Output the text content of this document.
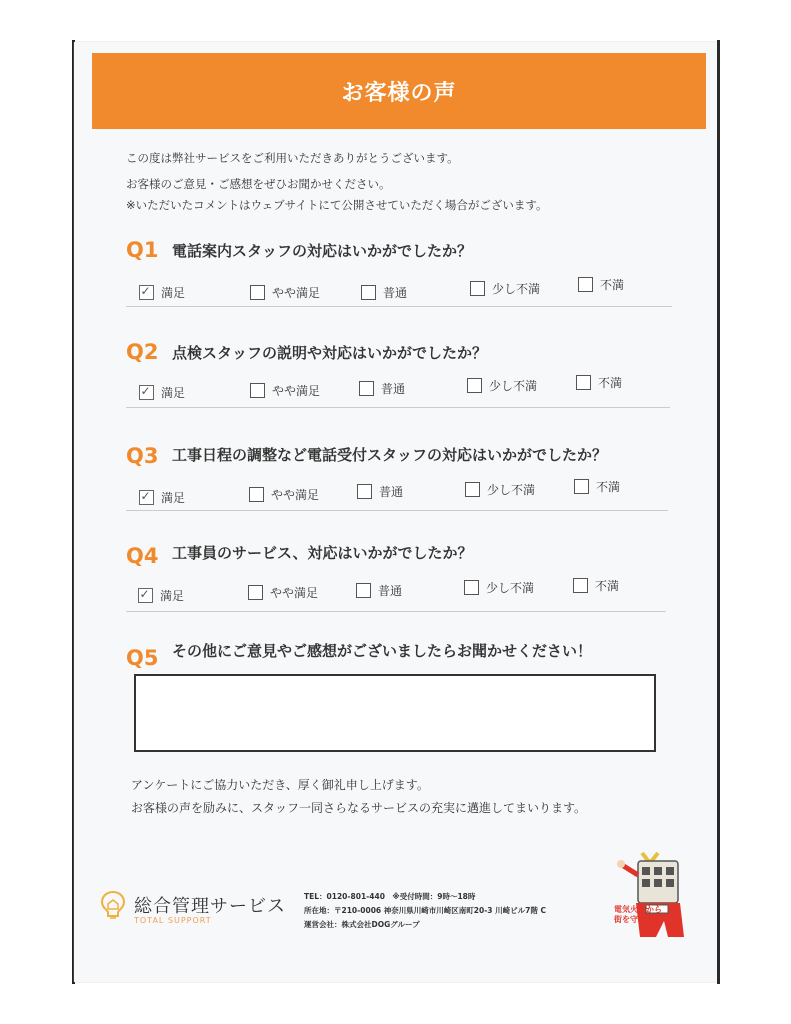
お客様の声
この度は弊社サービスをご利用いただきありがとうございます。
お客様のご意見・ご感想をぜひお聞かせください。
※いただいたコメントはウェブサイトにて公開させていただく場合がございます。
Q1 電話案内スタッフの対応はいかがでしたか？
✓
満足	やや満足	普通	少し不満	不満
Q2 点検スタッフの説明や対応はいかがでしたか？
✓
満足	やや満足	普通	少し不満	不満
Q3 工事日程の調整など電話受付スタッフの対応はいかがでしたか？
✓
満足	やや満足	普通	少し不満	不満
Q4 工事員のサービス、対応はいかがでしたか？
✓
満足	やや満足	普通	少し不満	不満
Q5 その他にご意見やご感想がございましたらお聞かせください！
アンケートにご協力いただき、厚く御礼申し上げます。
お客様の声を励みに、スタッフ一同さらなるサービスの充実に邁進してまいります。
総合管理サービス
TOTAL SUPPORT
TEL：0120-801-440　※受付時間：9時～18時
所在地：〒210-0006 神奈川県川崎市川崎区南町20-3 川崎ビル7階 C
運営会社：株式会社DOGグループ
電気火災から
街を守ろう！
